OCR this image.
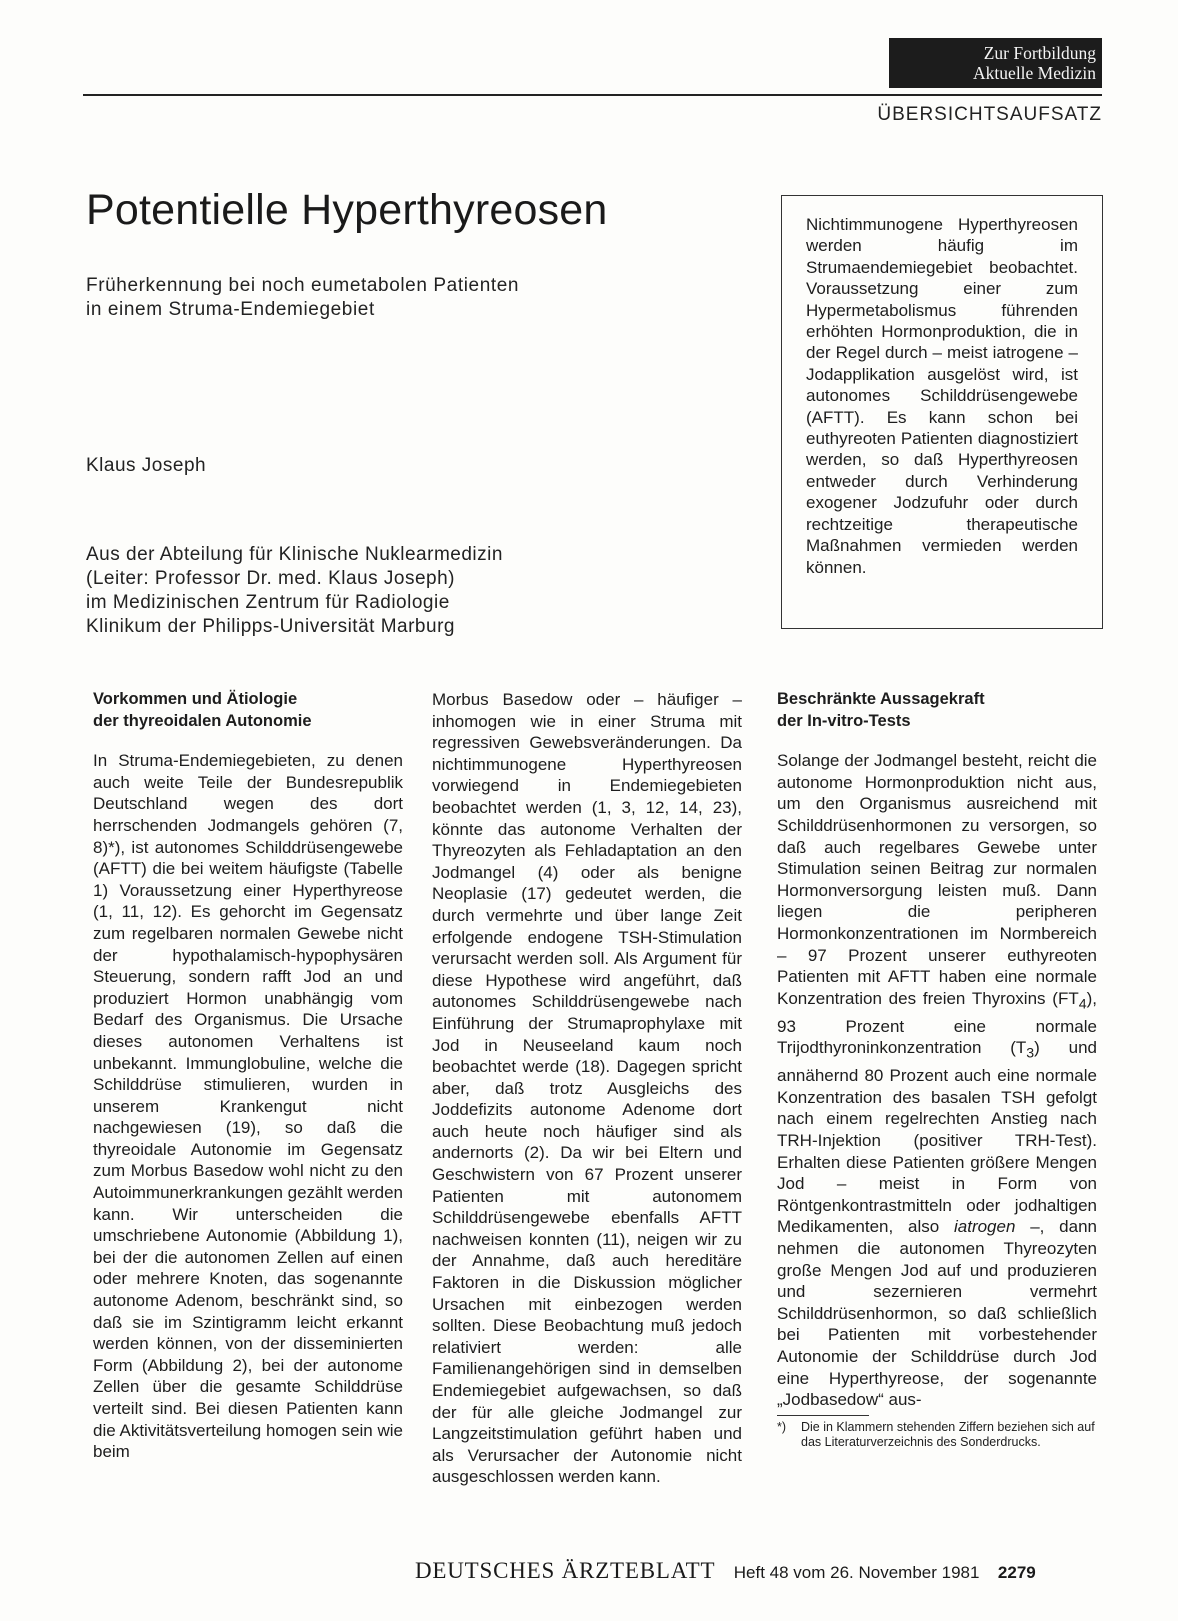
Zur Fortbildung
Aktuelle Medizin
ÜBERSICHTSAUFSATZ
Potentielle Hyperthyreosen
Früherkennung bei noch eumetabolen Patienten
in einem Struma-Endemiegebiet
Klaus Joseph
Aus der Abteilung für Klinische Nuklearmedizin
(Leiter: Professor Dr. med. Klaus Joseph)
im Medizinischen Zentrum für Radiologie
Klinikum der Philipps-Universität Marburg
Nichtimmunogene Hyperthyreosen werden häufig im Strumaendemiegebiet beobachtet. Voraussetzung einer zum Hypermetabolismus führenden erhöhten Hormonproduktion, die in der Regel durch – meist iatrogene – Jodapplikation ausgelöst wird, ist autonomes Schilddrüsengewebe (AFTT). Es kann schon bei euthyreoten Patienten diagnostiziert werden, so daß Hyperthyreosen entweder durch Verhinderung exogener Jodzufuhr oder durch rechtzeitige therapeutische Maßnahmen vermieden werden können.
Vorkommen und Ätiologie
der thyreoidalen Autonomie

In Struma-Endemiegebieten, zu denen auch weite Teile der Bundesrepublik Deutschland wegen des dort herrschenden Jodmangels gehören (7, 8)*), ist autonomes Schilddrüsengewebe (AFTT) die bei weitem häufigste (Tabelle 1) Voraussetzung einer Hyperthyreose (1, 11, 12). Es gehorcht im Gegensatz zum regelbaren normalen Gewebe nicht der hypothalamisch-hypophysären Steuerung, sondern rafft Jod an und produziert Hormon unabhängig vom Bedarf des Organismus. Die Ursache dieses autonomen Verhaltens ist unbekannt. Immunglobuline, welche die Schilddrüse stimulieren, wurden in unserem Krankengut nicht nachgewiesen (19), so daß die thyreoidale Autonomie im Gegensatz zum Morbus Basedow wohl nicht zu den Autoimmunerkrankungen gezählt werden kann. Wir unterscheiden die umschriebene Autonomie (Abbildung 1), bei der die autonomen Zellen auf einen oder mehrere Knoten, das sogenannte autonome Adenom, beschränkt sind, so daß sie im Szintigramm leicht erkannt werden können, von der disseminierten Form (Abbildung 2), bei der autonome Zellen über die gesamte Schilddrüse verteilt sind. Bei diesen Patienten kann die Aktivitätsverteilung homogen sein wie beim

Morbus Basedow oder – häufiger – inhomogen wie in einer Struma mit regressiven Gewebsveränderungen. Da nichtimmunogene Hyperthyreosen vorwiegend in Endemiegebieten beobachtet werden (1, 3, 12, 14, 23), könnte das autonome Verhalten der Thyreozyten als Fehladaptation an den Jodmangel (4) oder als benigne Neoplasie (17) gedeutet werden, die durch vermehrte und über lange Zeit erfolgende endogene TSH-Stimulation verursacht werden soll. Als Argument für diese Hypothese wird angeführt, daß autonomes Schilddrüsengewebe nach Einführung der Strumaprophylaxe mit Jod in Neuseeland kaum noch beobachtet werde (18). Dagegen spricht aber, daß trotz Ausgleichs des Joddefizits autonome Adenome dort auch heute noch häufiger sind als andernorts (2). Da wir bei Eltern und Geschwistern von 67 Prozent unserer Patienten mit autonomem Schilddrüsengewebe ebenfalls AFTT nachweisen konnten (11), neigen wir zu der Annahme, daß auch hereditäre Faktoren in die Diskussion möglicher Ursachen mit einbezogen werden sollten. Diese Beobachtung muß jedoch relativiert werden: alle Familienangehörigen sind in demselben Endemiegebiet aufgewachsen, so daß der für alle gleiche Jodmangel zur Langzeitstimulation geführt haben und als Verursacher der Autonomie nicht ausgeschlossen werden kann.

Beschränkte Aussagekraft
der In-vitro-Tests

Solange der Jodmangel besteht, reicht die autonome Hormonproduktion nicht aus, um den Organismus ausreichend mit Schilddrüsenhormonen zu versorgen, so daß auch regelbares Gewebe unter Stimulation seinen Beitrag zur normalen Hormonversorgung leisten muß. Dann liegen die peripheren Hormonkonzentrationen im Normbereich – 97 Prozent unserer euthyreoten Patienten mit AFTT haben eine normale Konzentration des freien Thyroxins $(FT_4)$, 93 Prozent eine normale Trijodthyroninkonzentration $(T_3)$ und annähernd 80 Prozent auch eine normale Konzentration des basalen TSH gefolgt nach einem regelrechten Anstieg nach TRH-Injektion (positiver TRH-Test). Erhalten diese Patienten größere Mengen Jod – meist in Form von Röntgenkontrastmitteln oder jodhaltigen Medikamenten, also iatrogen –, dann nehmen die autonomen Thyreozyten große Mengen Jod auf und produzieren und sezernieren vermehrt Schilddrüsenhormon, so daß schließlich bei Patienten mit vorbestehender Autonomie der Schilddrüse durch Jod eine Hyperthyreose, der sogenannte „Jodbasedow“ aus-

*)	Die in Klammern stehenden Ziffern beziehen sich auf das Literaturverzeichnis des Sonderdrucks.
DEUTSCHES ÄRZTEBLATT Heft 48 vom 26. November 1981 2279
